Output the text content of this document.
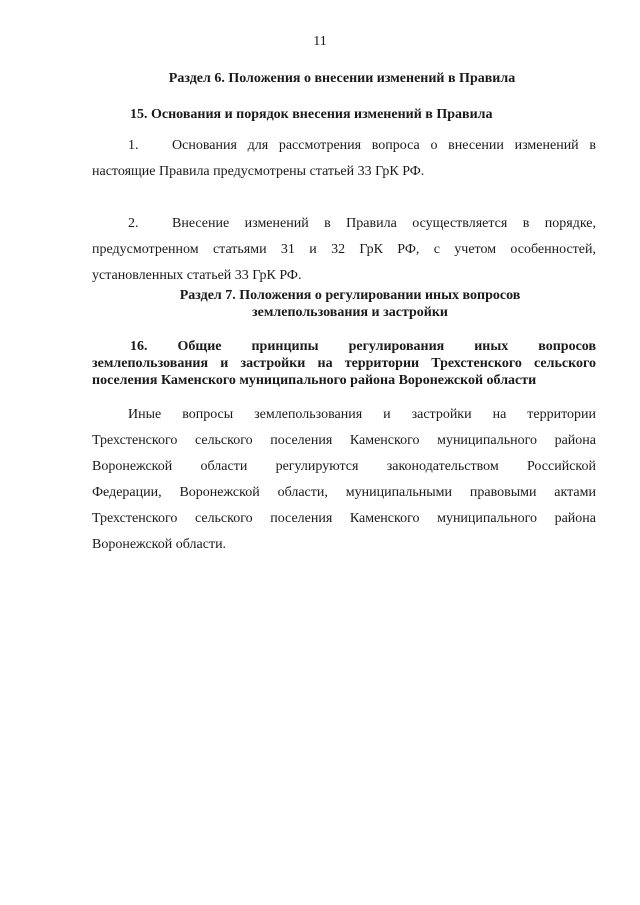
11
Раздел 6. Положения о внесении изменений в Правила
15. Основания и порядок внесения изменений в Правила
1. Основания для рассмотрения вопроса о внесении изменений в
настоящие Правила предусмотрены статьей 33 ГрК РФ.
2. Внесение изменений в Правила осуществляется в порядке,
предусмотренном статьями 31 и 32 ГрК РФ, с учетом особенностей,
установленных статьей 33 ГрК РФ.
Раздел 7. Положения о регулировании иных вопросов
землепользования и застройки
16. Общие принципы регулирования иных вопросов
землепользования и застройки на территории Трехстенского сельского
поселения Каменского муниципального района Воронежской области
Иные вопросы землепользования и застройки на территории
Трехстенского сельского поселения Каменского муниципального района
Воронежской области регулируются законодательством Российской
Федерации, Воронежской области, муниципальными правовыми актами
Трехстенского сельского поселения Каменского муниципального района
Воронежской области.
